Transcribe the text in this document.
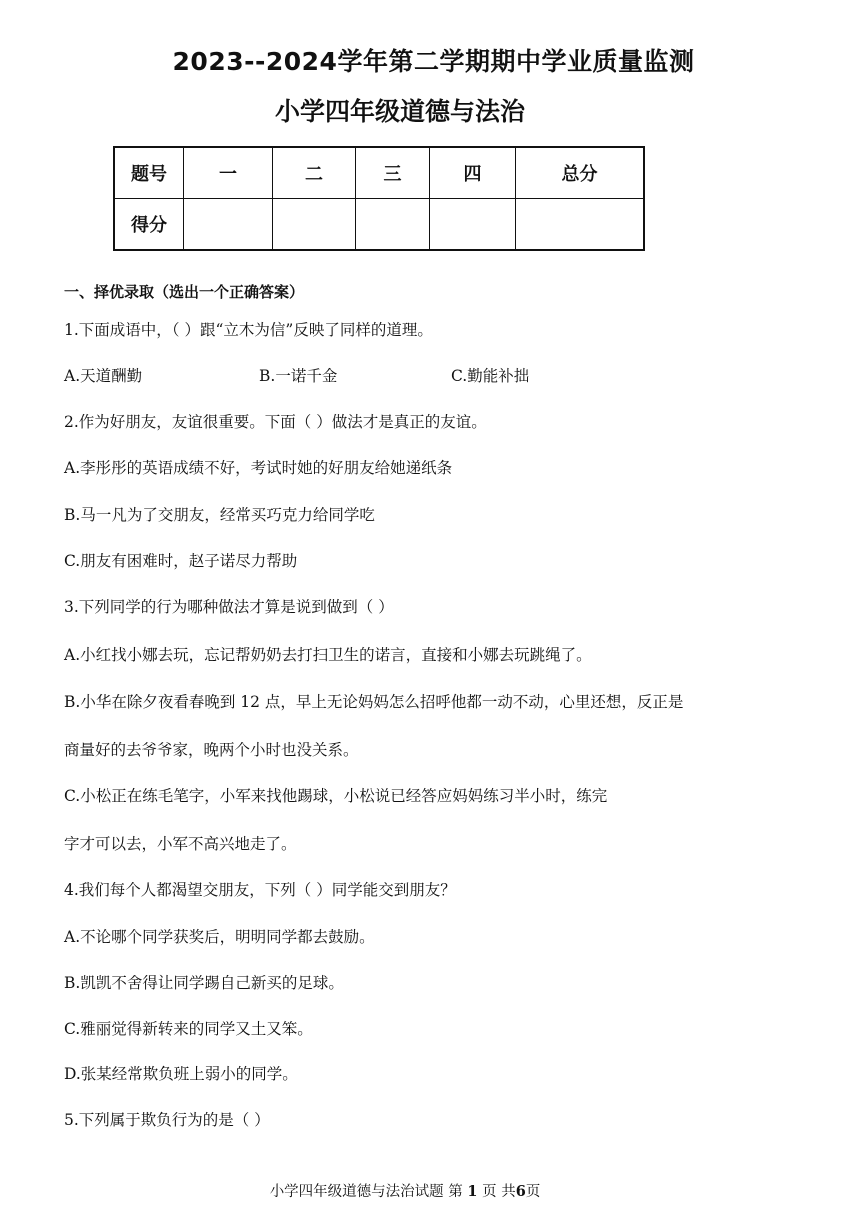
2023--2024学年第二学期期中学业质量监测
小学四年级道德与法治
题号	一	二	三	四	总分
得分					
一、择优录取（选出一个正确答案）
1.下面成语中，（ ）跟“立木为信”反映了同样的道理。
A.天道酬勤	B.一诺千金	C.勤能补拙
2.作为好朋友，友谊很重要。下面（ ）做法才是真正的友谊。
A.李彤彤的英语成绩不好，考试时她的好朋友给她递纸条
B.马一凡为了交朋友，经常买巧克力给同学吃
C.朋友有困难时，赵子诺尽力帮助
3.下列同学的行为哪种做法才算是说到做到（ ）
A.小红找小娜去玩，忘记帮奶奶去打扫卫生的诺言，直接和小娜去玩跳绳了。
B.小华在除夕夜看春晚到 12 点，早上无论妈妈怎么招呼他都一动不动，心里还想，反正是
商量好的去爷爷家，晚两个小时也没关系。
C.小松正在练毛笔字，小军来找他踢球，小松说已经答应妈妈练习半小时，练完
字才可以去，小军不高兴地走了。
4.我们每个人都渴望交朋友，下列（ ）同学能交到朋友？
A.不论哪个同学获奖后，明明同学都去鼓励。
B.凯凯不舍得让同学踢自己新买的足球。
C.雅丽觉得新转来的同学又土又笨。
D.张某经常欺负班上弱小的同学。
5.下列属于欺负行为的是（ ）
小学四年级道德与法治试题 第 1 页 共6页
